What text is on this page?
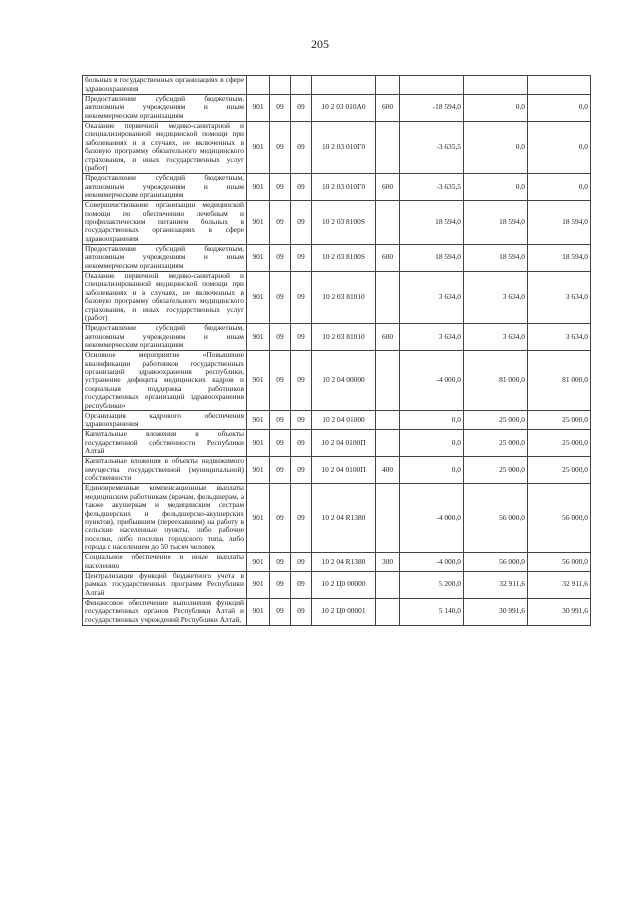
205
больных в государственных организациях в сфере здравоохранения								
Предоставление субсидий бюджетным, автономным учреждениям и иным некоммерческим организациям	901	09	09	10 2 03 010А0	600	-18 594,0	0,0	0,0
Оказание первичной медико-санитарной и специализированной медицинской помощи при заболеваниях и в случаях, не включенных в базовую программу обязательного медицинского страхования, и иных государственных услуг (работ)	901	09	09	10 2 03 010Г0		-3 635,5	0,0	0,0
Предоставление субсидий бюджетным, автономным учреждениям и иным некоммерческим организациям	901	09	09	10 2 03 010Г0	600	-3 635,5	0,0	0,0
Совершенствование организации медицинской помощи по обеспечению лечебным и профилактическим питанием больных в государственных организациях в сфере здравоохранения	901	09	09	10 2 03 8100S		18 594,0	18 594,0	18 594,0
Предоставление субсидий бюджетным, автономным учреждениям и иным некоммерческим организациям	901	09	09	10 2 03 8100S	600	18 594,0	18 594,0	18 594,0
Оказание первичной медико-санитарной и специализированной медицинской помощи при заболеваниях и в случаях, не включенных в базовую программу обязательного медицинского страхования, и иных государственных услуг (работ)	901	09	09	10 2 03 81010		3 634,0	3 634,0	3 634,0
Предоставление субсидий бюджетным, автономным учреждениям и иным некоммерческим организациям	901	09	09	10 2 03 81010	600	3 634,0	3 634,0	3 634,0
Основное мероприятие «Повышение квалификации работников государственных организаций здравоохранения республики, устранение дефицита медицинских кадров и социальная поддержка работников государственных организаций здравоохранения республики»	901	09	09	10 2 04 00000		-4 000,0	81 000,0	81 000,0
Организация кадрового обеспечения здравоохранения	901	09	09	10 2 04 01000		0,0	25 000,0	25 000,0
Капитальные вложения в объекты государственной собственности Республики Алтай	901	09	09	10 2 04 0100П		0,0	25 000,0	25 000,0
Капитальные вложения в объекты недвижимого имущества государственной (муниципальной) собственности	901	09	09	10 2 04 0100П	400	0,0	25 000,0	25 000,0
Единовременные компенсационные выплаты медицинским работникам (врачам, фельдшерам, а также акушеркам и медицинским сестрам фельдшерских и фельдшерско-акушерских пунктов), прибывшим (переехавшим) на работу в сельские населенные пункты, либо рабочие поселки, либо поселки городского типа, либо города с населением до 50 тысяч человек	901	09	09	10 2 04 R1380		-4 000,0	56 000,0	56 000,0
Социальное обеспечение и иные выплаты населению	901	09	09	10 2 04 R1380	300	-4 000,0	56 000,0	56 000,0
Централизация функций бюджетного учета в рамках государственных программ Республики Алтай	901	09	09	10 2 Ц0 00000		5 200,0	32 911,6	32 911,6
Финансовое обеспечение выполнения функций государственных органов Республики Алтай и государственных учреждений Республики Алтай,	901	09	09	10 2 Ц0 00001		5 140,0	30 991,6	30 991,6
